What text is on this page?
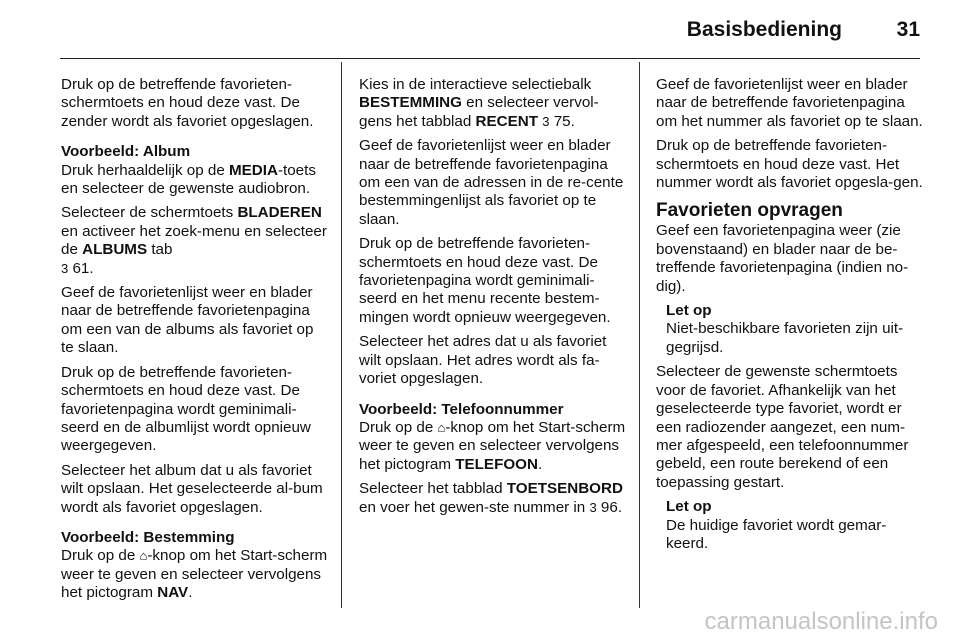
Basisbediening	31

Druk op de betreffende favorieten-schermtoets en houd deze vast. De zender wordt als favoriet opgeslagen.

Voorbeeld: Album

Druk herhaaldelijk op de MEDIA-toets en selecteer de gewenste audiobron.

Selecteer de schermtoets BLADEREN en activeer het zoek-menu en selecteer de ALBUMS tab
3 61.

Geef de favorietenlijst weer en blader naar de betreffende favorietenpagina om een van de albums als favoriet op te slaan.

Druk op de betreffende favorieten-schermtoets en houd deze vast. De favorietenpagina wordt geminimali-seerd en de albumlijst wordt opnieuw weergegeven.

Selecteer het album dat u als favoriet wilt opslaan. Het geselecteerde al-bum wordt als favoriet opgeslagen.

Voorbeeld: Bestemming

Druk op de ⌂-knop om het Start-scherm weer te geven en selecteer vervolgens het pictogram NAV.

Kies in de interactieve selectiebalk BESTEMMING en selecteer vervol-gens het tabblad RECENT 3 75.

Geef de favorietenlijst weer en blader naar de betreffende favorietenpagina om een van de adressen in de re-cente bestemmingenlijst als favoriet op te slaan.

Druk op de betreffende favorieten-schermtoets en houd deze vast. De favorietenpagina wordt geminimali-seerd en het menu recente bestem-mingen wordt opnieuw weergegeven.

Selecteer het adres dat u als favoriet wilt opslaan. Het adres wordt als fa-voriet opgeslagen.

Voorbeeld: Telefoonnummer

Druk op de ⌂-knop om het Start-scherm weer te geven en selecteer vervolgens het pictogram TELEFOON.

Selecteer het tabblad TOETSENBORD en voer het gewen-ste nummer in 3 96.

Geef de favorietenlijst weer en blader naar de betreffende favorietenpagina om het nummer als favoriet op te slaan.

Druk op de betreffende favorieten-schermtoets en houd deze vast. Het nummer wordt als favoriet opgesla-gen.

Favorieten opvragen

Geef een favorietenpagina weer (zie bovenstaand) en blader naar de be-treffende favorietenpagina (indien no-dig).

Let op
Niet-beschikbare favorieten zijn uit-gegrijsd.

Selecteer de gewenste schermtoets voor de favoriet. Afhankelijk van het geselecteerde type favoriet, wordt er een radiozender aangezet, een num-mer afgespeeld, een telefoonnummer gebeld, een route berekend of een toepassing gestart.

Let op
De huidige favoriet wordt gemar-keerd.
carmanualsonline.info
